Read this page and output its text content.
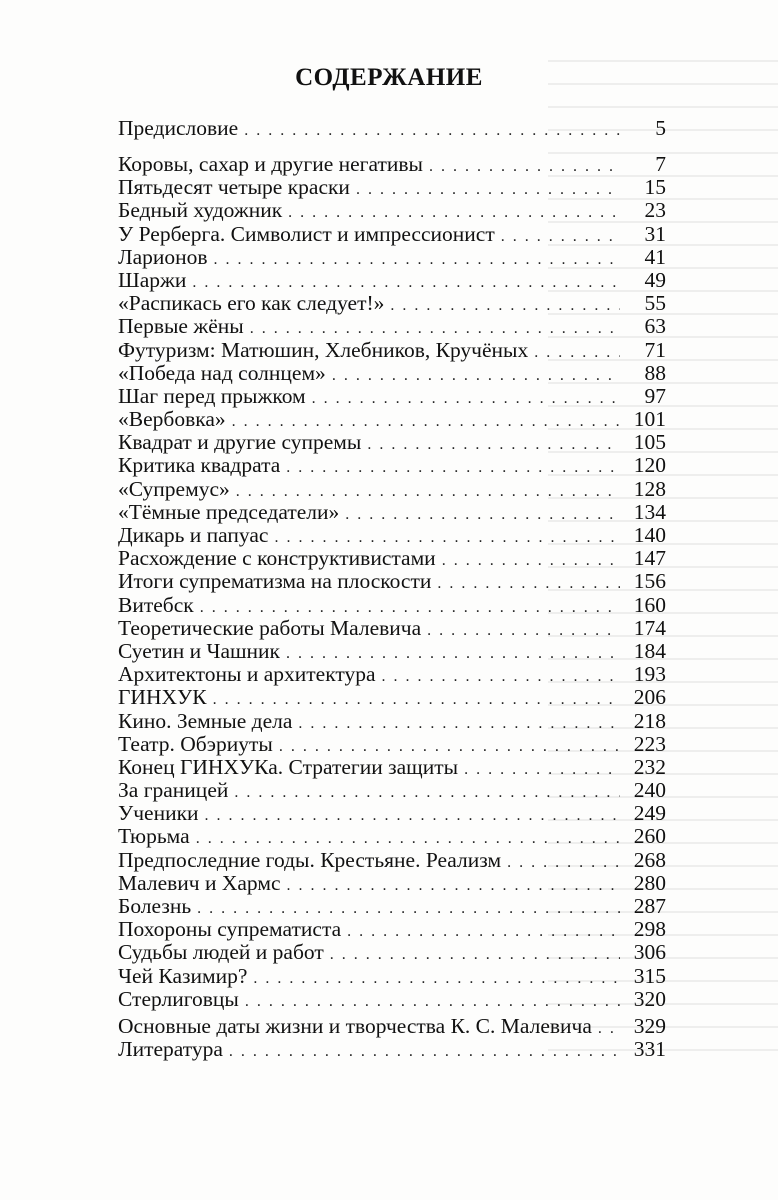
СОДЕРЖАНИЕ
Предисловие . . .	5
Коровы, сахар и другие негативы . . .	7
Пятьдесят четыре краски . . .	15
Бедный художник . . .	23
У Рерберга. Символист и импрессионист . . .	31
Ларионов . . .	41
Шаржи . . .	49
«Распикась его как следует!» . . .	55
Первые жёны . . .	63
Футуризм: Матюшин, Хлебников, Кручёных . . .	71
«Победа над солнцем» . . .	88
Шаг перед прыжком . . .	97
«Вербовка» . . .	101
Квадрат и другие супремы . . .	105
Критика квадрата . . .	120
«Супремус» . . .	128
«Тёмные председатели» . . .	134
Дикарь и папуас . . .	140
Расхождение с конструктивистами . . .	147
Итоги супрематизма на плоскости . . .	156
Витебск . . .	160
Теоретические работы Малевича . . .	174
Суетин и Чашник . . .	184
Архитектоны и архитектура . . .	193
ГИНХУК . . .	206
Кино. Земные дела . . .	218
Театр. Обэриуты . . .	223
Конец ГИНХУКа. Стратегии защиты . . .	232
За границей . . .	240
Ученики . . .	249
Тюрьма . . .	260
Предпоследние годы. Крестьяне. Реализм . . .	268
Малевич и Хармс . . .	280
Болезнь . . .	287
Похороны супрематиста . . .	298
Судьбы людей и работ . . .	306
Чей Казимир? . . .	315
Стерлиговцы . . .	320
Основные даты жизни и творчества К. С. Малевича . . . 329
Литература . . .	331
